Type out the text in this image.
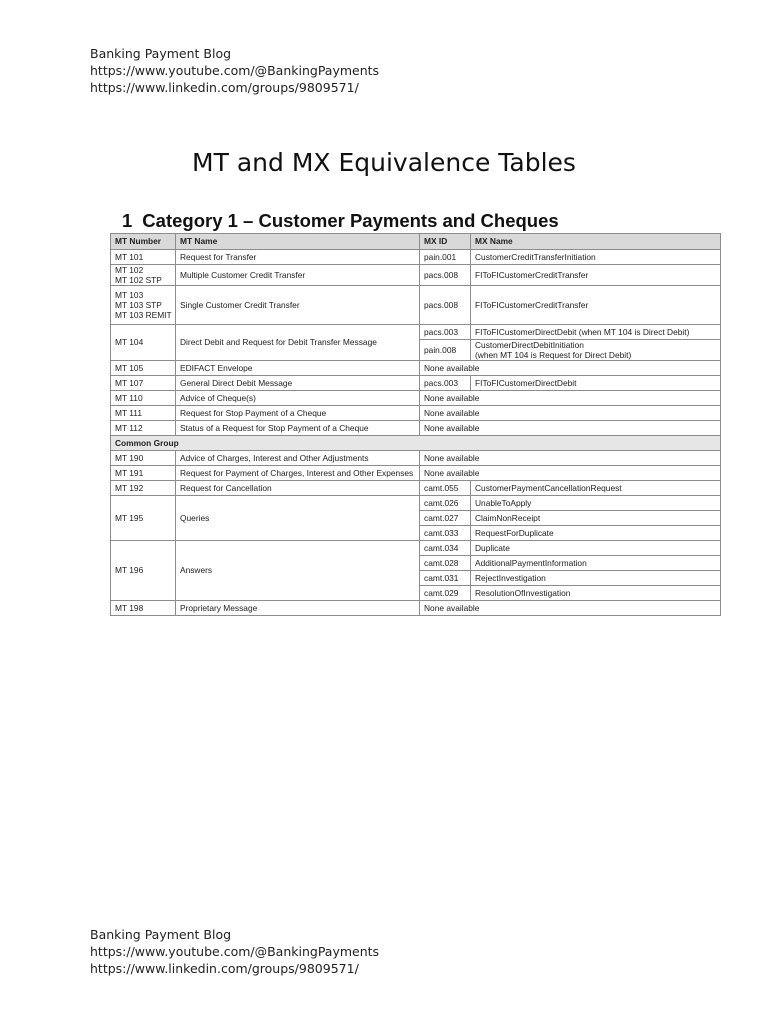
Banking Payment Blog
https://www.youtube.com/@BankingPayments
https://www.linkedin.com/groups/9809571/
MT and MX Equivalence Tables
1 Category 1 – Customer Payments and Cheques
MT Number	MT Name	MX ID	MX Name
MT 101	Request for Transfer	pain.001	CustomerCreditTransferInitiation

MT 102
MT 102 STP	Multiple Customer Credit Transfer	pacs.008	FIToFICustomerCreditTransfer

MT 103
MT 103 STP
MT 103 REMIT	Single Customer Credit Transfer	pacs.008	FIToFICustomerCreditTransfer
MT 104	Direct Debit and Request for Debit Transfer Message	pacs.003	FIToFICustomerDirectDebit (when MT 104 is Direct Debit)
		pain.008	CustomerDirectDebitInitiation
(when MT 104 is Request for Direct Debit)

MT 105	EDIFACT Envelope	None available	
MT 107	General Direct Debit Message	pacs.003	FIToFICustomerDirectDebit
MT 110	Advice of Cheque(s)	None available	
MT 111	Request for Stop Payment of a Cheque	None available	
MT 112	Status of a Request for Stop Payment of a Cheque	None available	
Common Group			
MT 190	Advice of Charges, Interest and Other Adjustments	None available	
MT 191	Request for Payment of Charges, Interest and Other Expenses	None available	
MT 192	Request for Cancellation	camt.055	CustomerPaymentCancellationRequest
MT 195	Queries	camt.026	UnableToApply
		camt.027	ClaimNonReceipt
		camt.033	RequestForDuplicate
MT 196	Answers	camt.034	Duplicate
		camt.028	AdditionalPaymentInformation
		camt.031	RejectInvestigation
		camt.029	ResolutionOfInvestigation
MT 198	Proprietary Message	None available	
Banking Payment Blog
https://www.youtube.com/@BankingPayments
https://www.linkedin.com/groups/9809571/
